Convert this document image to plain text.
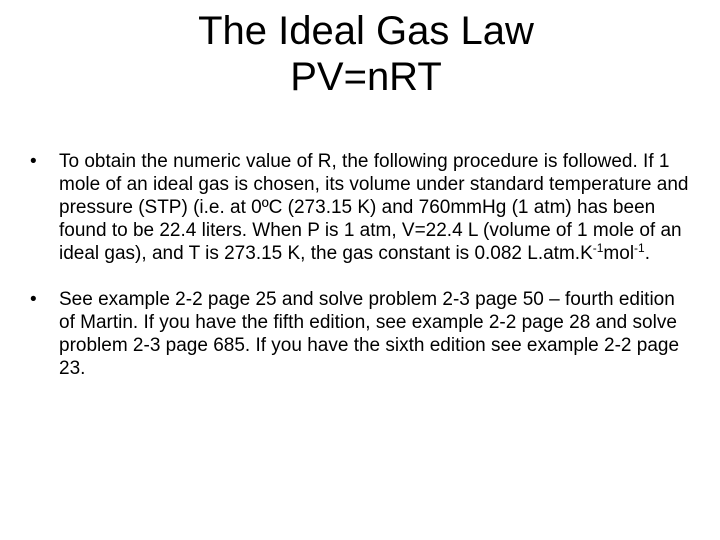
The Ideal Gas Law
PV=nRT

•	To obtain the numeric value of R, the following procedure is followed. If 1 mole of an ideal gas is chosen, its volume under standard temperature and pressure (STP) (i.e. at 0ºC (273.15 K) and 760mmHg (1 atm) has been found to be 22.4 liters. When P is 1 atm, V=22.4 L (volume of 1 mole of an ideal gas), and T is 273.15 K, the gas constant is 0.082 $L.atm.K^{-1}mol^{-1}$.

•	See example 2-2 page 25 and solve problem 2-3 page 50 – fourth edition of Martin. If you have the fifth edition, see example 2-2 page 28 and solve problem 2-3 page 685. If you have the sixth edition see example 2-2 page 23.
